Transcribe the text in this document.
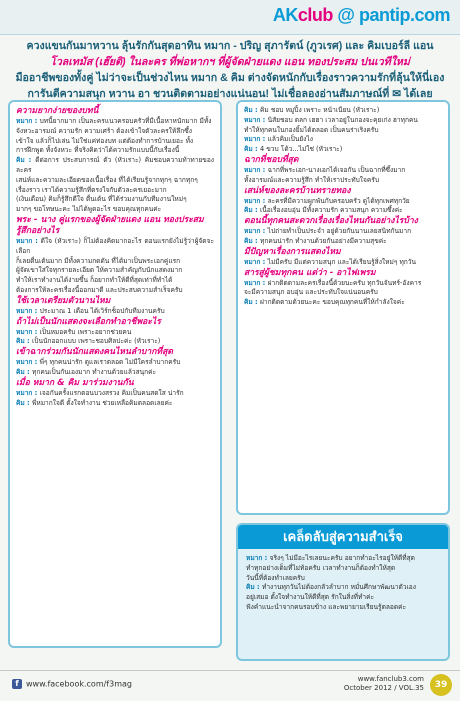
AKclub @ pantip.com
ควงแขนกันมาหวาน ลุ้นรักกันสุดอาทิน หมาก - ปริญ สุภารัตน์ (ภูวเรศ) และ คิมเบอร์ลี แอน
โวลเทมัส (เฮ๊ยติ) ในละคร ที่พ่อหากฯ ที่ผู้จัดฝ่ายแดง แอน ทองประสม ปนเวทีใหม่
มืออาชีพของทั้งคู่ ไม่ว่าจะเป็นช่วงไหน หมาก & คิม ต่างจัดหนักกับเรื่องราวความรักที่ลุ้นให้นี่เอง
การันตีความสนุก หวาน อา ชวนติดตามอย่างแน่นอน! ไม่เชื่อลองอ่านสัมภาษณ์ที่ ✉ ได้เลย
ความยากง่ายของบทนี้
หมาก : บทนี้ยากมาก เป็นละครแนวครอบครัวที่มีเนื้อหาหนักมาก มีทั้ง
จังหวะอารมณ์ ความรัก ความเศร้า ต้องเข้าใจตัวละครให้ลึกซึ้ง
เข้าใจ แล้วก็ไปเล่น ไม่ใช่แค่ท่องบท แต่ต้องทำการบ้านเยอะ ทั้ง
การฝึกพูด ทั้งจังหวะ ที่จริงคิดว่าได้ความรักแบบนี้กับเรื่องนี้
คิม : ดีต่อการ ประสบการณ์ ตัว (หัวเราะ) คิมชอบความท้าทายของละคร
เสน่ห์และความละเอียดของเนื้อเรื่อง ที่ได้เรียนรู้จากทุกๆ ฉากทุกๆ
เรื่องราว เราได้ความรู้สึกที่ตรงใจกับตัวละครเยอะมาก
(เงินเดือน) คิมก็รู้สึกดีใจ ตื่นเต้น ที่ได้ร่วมงานกับทีมงานใหม่ๆ
มากๆ ขอโทษนะคะ ไม่ได้พูดอะไร ขอบคุณทุกคนค่ะ
พระ - นาง คู่แรกของผู้จัดฝ่ายแดง แอน ทองประสม รู้สึกอย่างไร
หมาก : ดีใจ (หัวเราะ) ก็ไม่ต้องคิดมากอะไร ตอนแรกยังไม่รู้ว่าผู้จัดจะเลือก
ก็เลยตื่นเต้นมาก มีทั้งความกดดัน ที่ได้มาเป็นพระเอกคู่แรก
ผู้จัดเขาใส่ใจทุกรายละเอียด ให้ความสำคัญกับนักแสดงมาก
ทำให้เราทำงานได้ง่ายขึ้น ก็อยากทำให้ดีที่สุดเท่าที่ทำได้
ต้องการให้ละครเรื่องนี้ออกมาดี และประสบความสำเร็จครับ
ใช้เวลาเตรียมตัวนานไหม
หมาก : ประมาณ 1 เดือน ได้เวิร์กช็อปกับทีมงานครับ
ถ้าไม่เป็นนักแสดงจะเลือกทำอาชีพอะไร
หมาก : เป็นหมอครับ เพราะอยากช่วยคน
คิม : เป็นนักออกแบบ เพราะชอบศิลปะค่ะ (หัวเราะ)
เข้าฉากร่วมกันนักแสดงคนไหนลำบากที่สุด
หมาก : พี่ๆ ทุกคนน่ารัก ดูแลเราตลอด ไม่มีใครลำบากครับ
คิม : ทุกคนเป็นกันเองมาก ทำงานด้วยแล้วสนุกค่ะ
เมื่อ หมาก & คิม มาร่วมงานกัน
หมาก : เจอกันครั้งแรกตอนบวงสรวง คิมเป็นคนสดใส น่ารัก
คิม : พี่หมากใจดี ตั้งใจทำงาน ช่วยเหลือคิมตลอดเลยค่ะ
คิม : คิม ชอบ หมูปิ้ง เพราะ หน้าเนียน (หัวเราะ)
หมาก : นิสัยชอบ ตลก เฮฮา เวลาอยู่ในกองจะคุยเก่ง ฮาทุกคน
ทำให้ทุกคนในกองยิ้มได้ตลอด เป็นคนร่าเริงครับ
หมาก : แล้วคิมเป็นยังไง
คิม : 4 ขวบ โด้ว...ไม่ใช่ (หัวเราะ)
ฉากที่ชอบที่สุด
หมาก : ฉากที่พระเอก-นางเอกได้เจอกัน เป็นฉากที่ซึ้งมาก
ทั้งอารมณ์และความรู้สึก ทำให้เราประทับใจครับ
เสน่ห์ของละครบ้านทรายทอง
หมาก : ละครที่มีความผูกพันกับครอบครัว ดูได้ทุกเพศทุกวัย
คิม : เนื้อเรื่องอบอุ่น มีทั้งความรัก ความสนุก ความซึ้งค่ะ
ตอนนี้ทุกคนสะดวกเรื่องเรื่องไหนกันอย่างไรบ้าง
หมาก : ไปถ่ายทำเป็นประจำ อยู่ด้วยกันนานเลยสนิทกันมาก
คิม : ทุกคนน่ารัก ทำงานด้วยกันอย่างมีความสุขค่ะ
มีปัญหาเรื่องการแสดงไหม
หมาก : ไม่มีครับ มีแต่ความสนุก และได้เรียนรู้สิ่งใหม่ๆ ทุกวัน
สารสู่ผู้ชมทุกคน แต่ว่า - อาไฟเพรม
หมาก : ฝากติดตามละครเรื่องนี้ด้วยนะครับ ทุกวันจันทร์-อังคาร
จะมีความสนุก อบอุ่น และประทับใจแน่นอนครับ
คิม : ฝากติดตามด้วยนะคะ ขอบคุณทุกคนที่ให้กำลังใจค่ะ
เคล็ดลับสู่ความสำเร็จ
หมาก : จริงๆ ไม่มีอะไรเลยนะครับ อยากทำอะไรอยู่ให้ดีที่สุด
ทำทุกอย่างเต็มที่ไม่ท้อครับ เวลาทำงานก็ต้องทำให้สุด
วันนี้ที่ต้องทำเลยครับ
คิม : ทำงานทุกวันไม่ต้องกลัวลำบาก หมั่นศึกษาพัฒนาตัวเอง
อยู่เสมอ ตั้งใจทำงานให้ดีที่สุด รักในสิ่งที่ทำค่ะ
ฟังคำแนะนำจากคนรอบข้าง และพยายามเรียนรู้ตลอดค่ะ
f www.facebook.com/f3mag
www.fanclub3.com
October 2012 / VOL.35	39
